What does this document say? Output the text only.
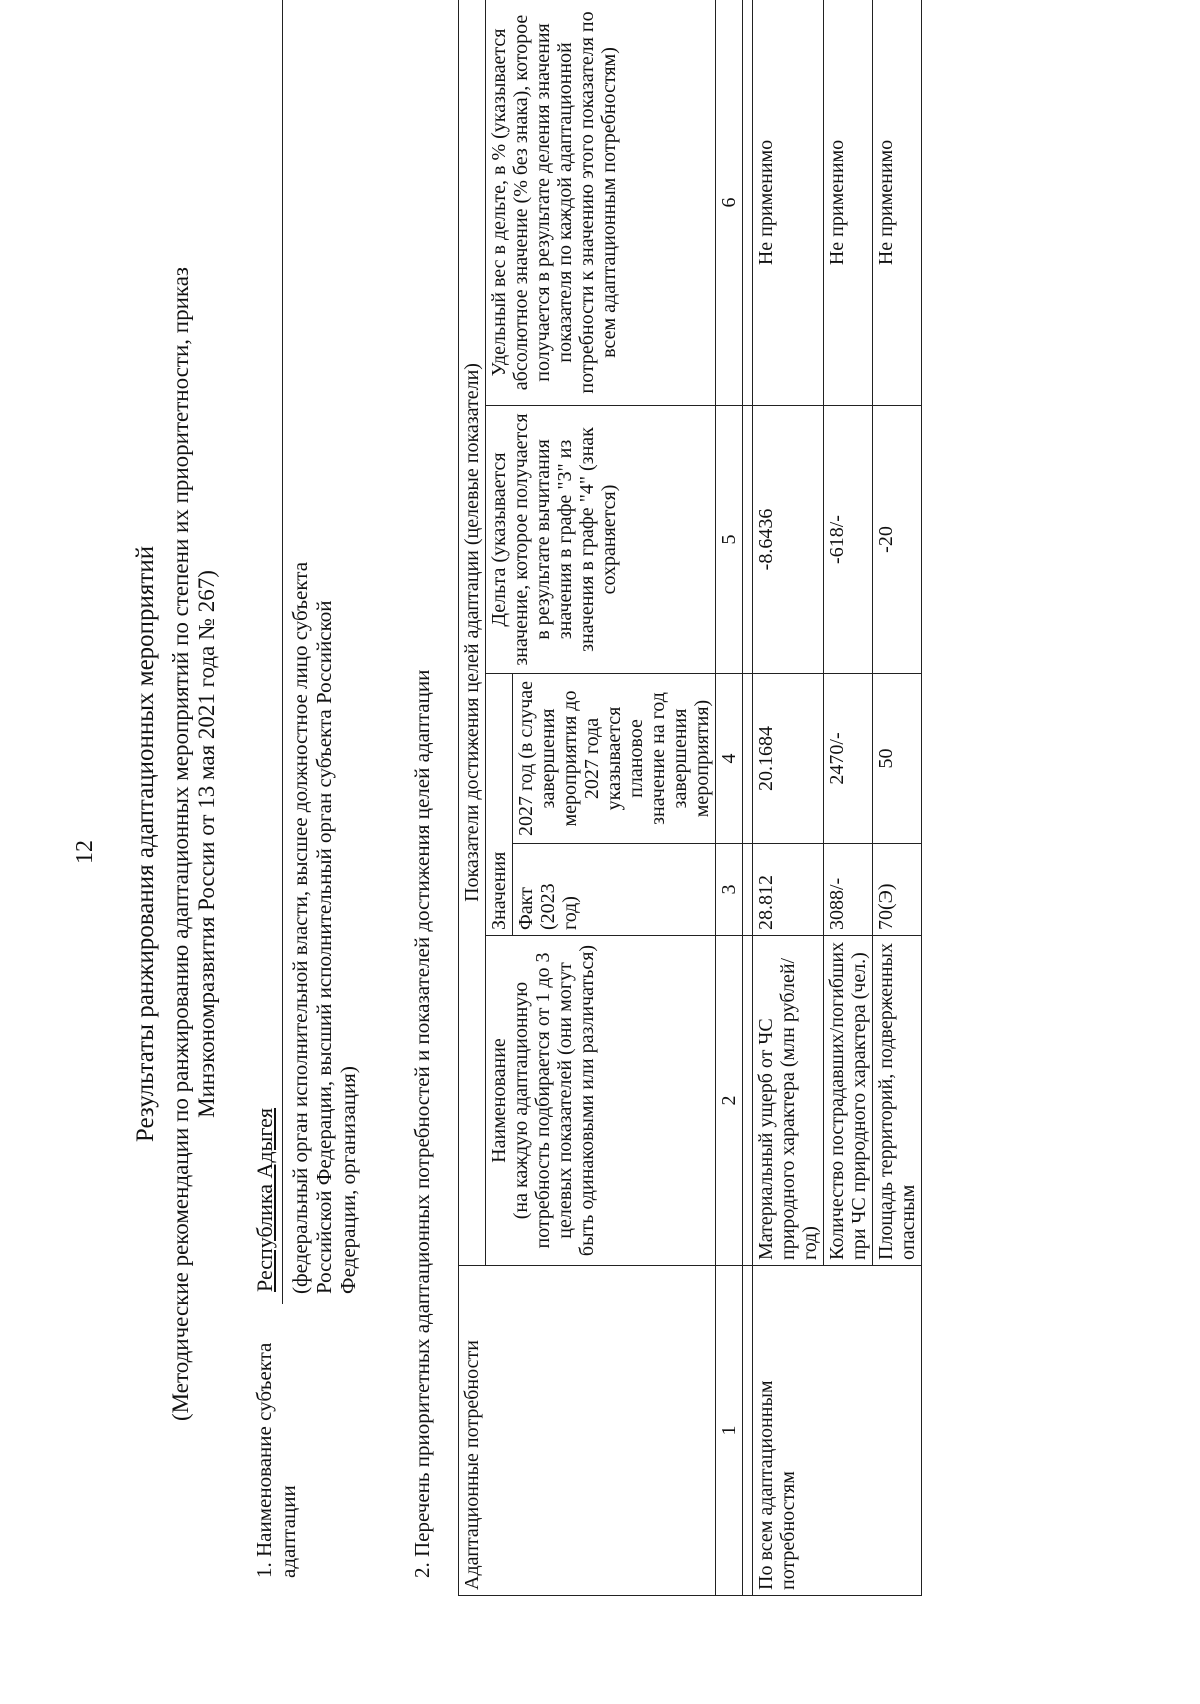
12 Результаты ранжирования адаптационных мероприятий (Методические рекомендации по ранжированию адаптационных мероприятий по степени их приоритетности, приказ Минэкономразвития России от 13 мая 2021 года № 267)
1. Наименование субъекта адаптации
Республика Адыгея (федеральный орган исполнительной власти, высшее должностное лицо субъекта Российской Федерации, высший исполнительный орган субъекта Российской Федерации, организация) 2. Перечень приоритетных адаптационных потребностей и показателей достижения целей адаптации Адаптационные потребности	Показатели достижения целей адаптации (целевые показатели)				

	Наименование (на каждую адаптационную потребность подбирается от 1 до 3 целевых показателей (они могут быть одинаковыми или различаться)	Значения		Дельта (указывается значение, которое получается в результате вычитания значения в графе "3" из значения в графе "4" (знак сохраняется)	Удельный вес в дельте, в % (указывается абсолютное значение (% без знака), которое получается в результате деления значения показателя по каждой адаптационной потребности к значению этого показателя по всем адаптационным потребностям)
		Факт (2023 год)	2027 год (в случае завершения мероприятия до 2027 года указывается плановое значение на год завершения мероприятия)		
1	2	3	4	5	6

По всем адаптационным потребностям	Материальный ущерб от ЧС природного характера (млн рублей/год)	28.812	20.1684	-8.6436	Не применимо
	Количество пострадавших/погибших при ЧС природного характера (чел.)	3088/-	2470/-	-618/-	Не применимо
	Площадь территорий, подверженных опасным	70(Э)	50	-20	Не применимо
